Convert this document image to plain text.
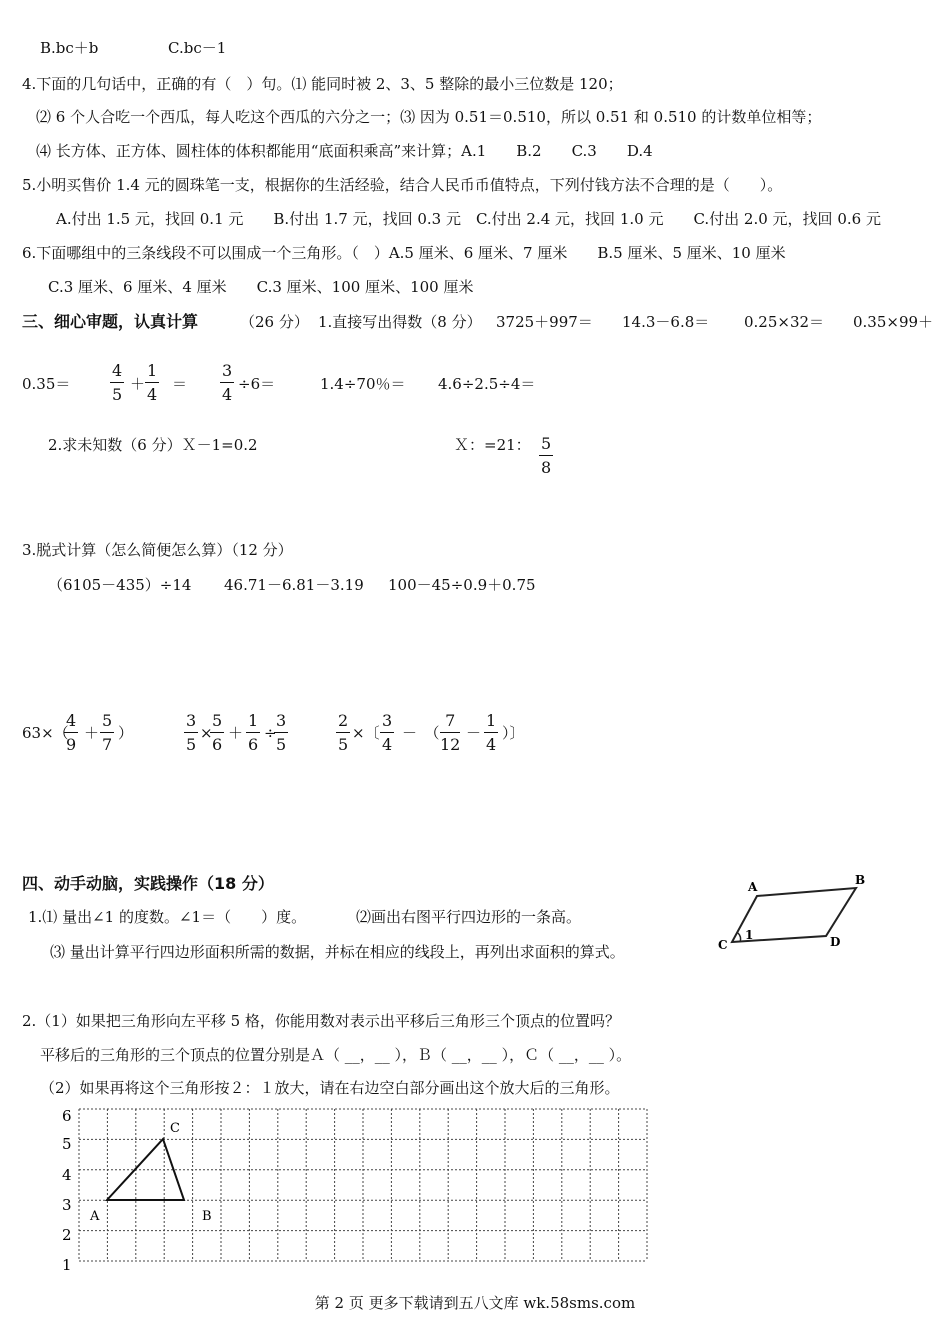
B.bc＋b	C.bc－1
4.下面的几句话中，正确的有（　）句。⑴ 能同时被 2、3、5 整除的最小三位数是 120；
⑵ 6 个人合吃一个西瓜，每人吃这个西瓜的六分之一；⑶ 因为 0.51＝0.510，所以 0.51 和 0.510 的计数单位相等；
⑷ 长方体、正方体、圆柱体的体积都能用“底面积乘高”来计算；A.1　　B.2　　C.3　　D.4
5.小明买售价 1.4 元的圆珠笔一支，根据你的生活经验，结合人民币币值特点，下列付钱方法不合理的是（　　）。
A.付出 1.5 元，找回 0.1 元　　B.付出 1.7 元，找回 0.3 元　C.付出 2.4 元，找回 1.0 元　　C.付出 2.0 元，找回 0.6 元
6.下面哪组中的三条线段不可以围成一个三角形。（　）A.5 厘米、6 厘米、7 厘米　　B.5 厘米、5 厘米、10 厘米
C.3 厘米、6 厘米、4 厘米　　C.3 厘米、100 厘米、100 厘米
三、细心审题，认真计算	（26 分） 1.直接写出得数（8 分） 3725＋997＝ 14.3－6.8＝ 0.25×32＝ 0.35×99＋
$0.35= \frac{4}{5} + \frac{1}{4} = \frac{3}{4} \div 6=$	1.4÷70％＝ 4.6÷2.5÷4＝
2.求未知数（6 分）Ｘ－1=0.2	Ｘ：=21： $\frac{5}{8}$
3.脱式计算（怎么简便怎么算）（12 分）
（6105－435）÷14 46.71－6.81－3.19 100－45÷0.9＋0.75
63×（
$\frac{4}{9} + \frac{5}{7}$ ）	$\frac{3}{5}$ ×
$\frac{5}{6} + \frac{1}{6}$ ÷
$\frac{3}{5}$	$\frac{2}{5}$ ×〔 $\frac{3}{4}$ －　（ $\frac{7}{12} - \frac{1}{4}$ ）〕
四、动手动脑，实践操作（18 分）
1.⑴ 量出∠1 的度数。∠1＝（　　）度。	⑵画出右图平行四边形的一条高。
⑶ 量出计算平行四边形面积所需的数据，并标在相应的线段上，再列出求面积的算式。
A	B
C	D
1
2.（1）如果把三角形向左平移 5 格，你能用数对表示出平移后三角形三个顶点的位置吗？
平移后的三角形的三个顶点的位置分别是Ａ（ __，__ ），Ｂ（ __，__ ），Ｃ（ __，__ ）。
（2）如果再将这个三角形按２：１放大，请在右边空白部分画出这个放大后的三角形。
6
5
4
3
2
1
A	B
C
第 2 页 更多下载请到五八文库 wk.58sms.com
